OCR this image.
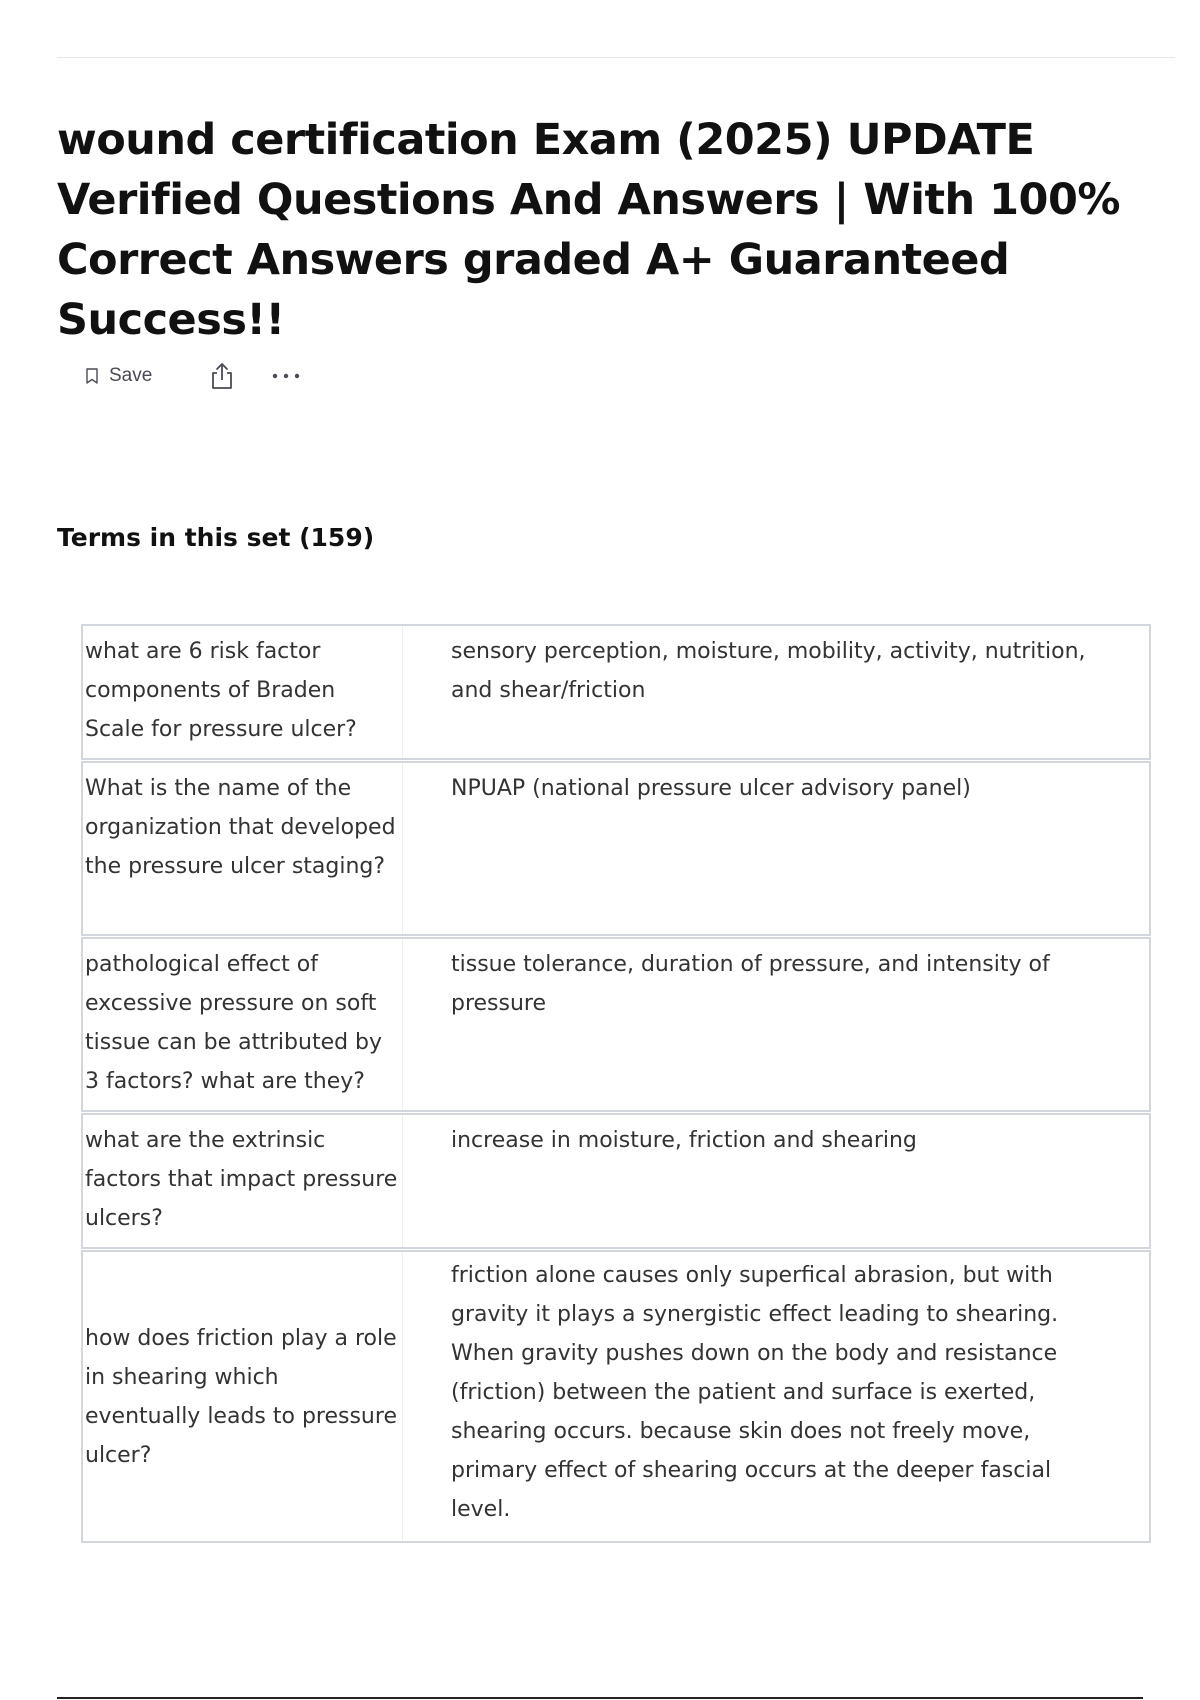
wound certification Exam (2025) UPDATE Verified Questions And Answers | With 100% Correct Answers graded A+ Guaranteed Success!!
Save
Terms in this set (159)
what are 6 risk factor components of Braden Scale for pressure ulcer?
sensory perception, moisture, mobility, activity, nutrition, and shear/friction
What is the name of the organization that developed the pressure ulcer staging?
NPUAP (national pressure ulcer advisory panel)
pathological effect of excessive pressure on soft tissue can be attributed by 3 factors? what are they?
tissue tolerance, duration of pressure, and intensity of pressure
what are the extrinsic factors that impact pressure ulcers?
increase in moisture, friction and shearing
how does friction play a role in shearing which eventually leads to pressure ulcer?
friction alone causes only superfical abrasion, but with gravity it plays a synergistic effect leading to shearing. When gravity pushes down on the body and resistance (friction) between the patient and surface is exerted, shearing occurs. because skin does not freely move, primary effect of shearing occurs at the deeper fascial level.
